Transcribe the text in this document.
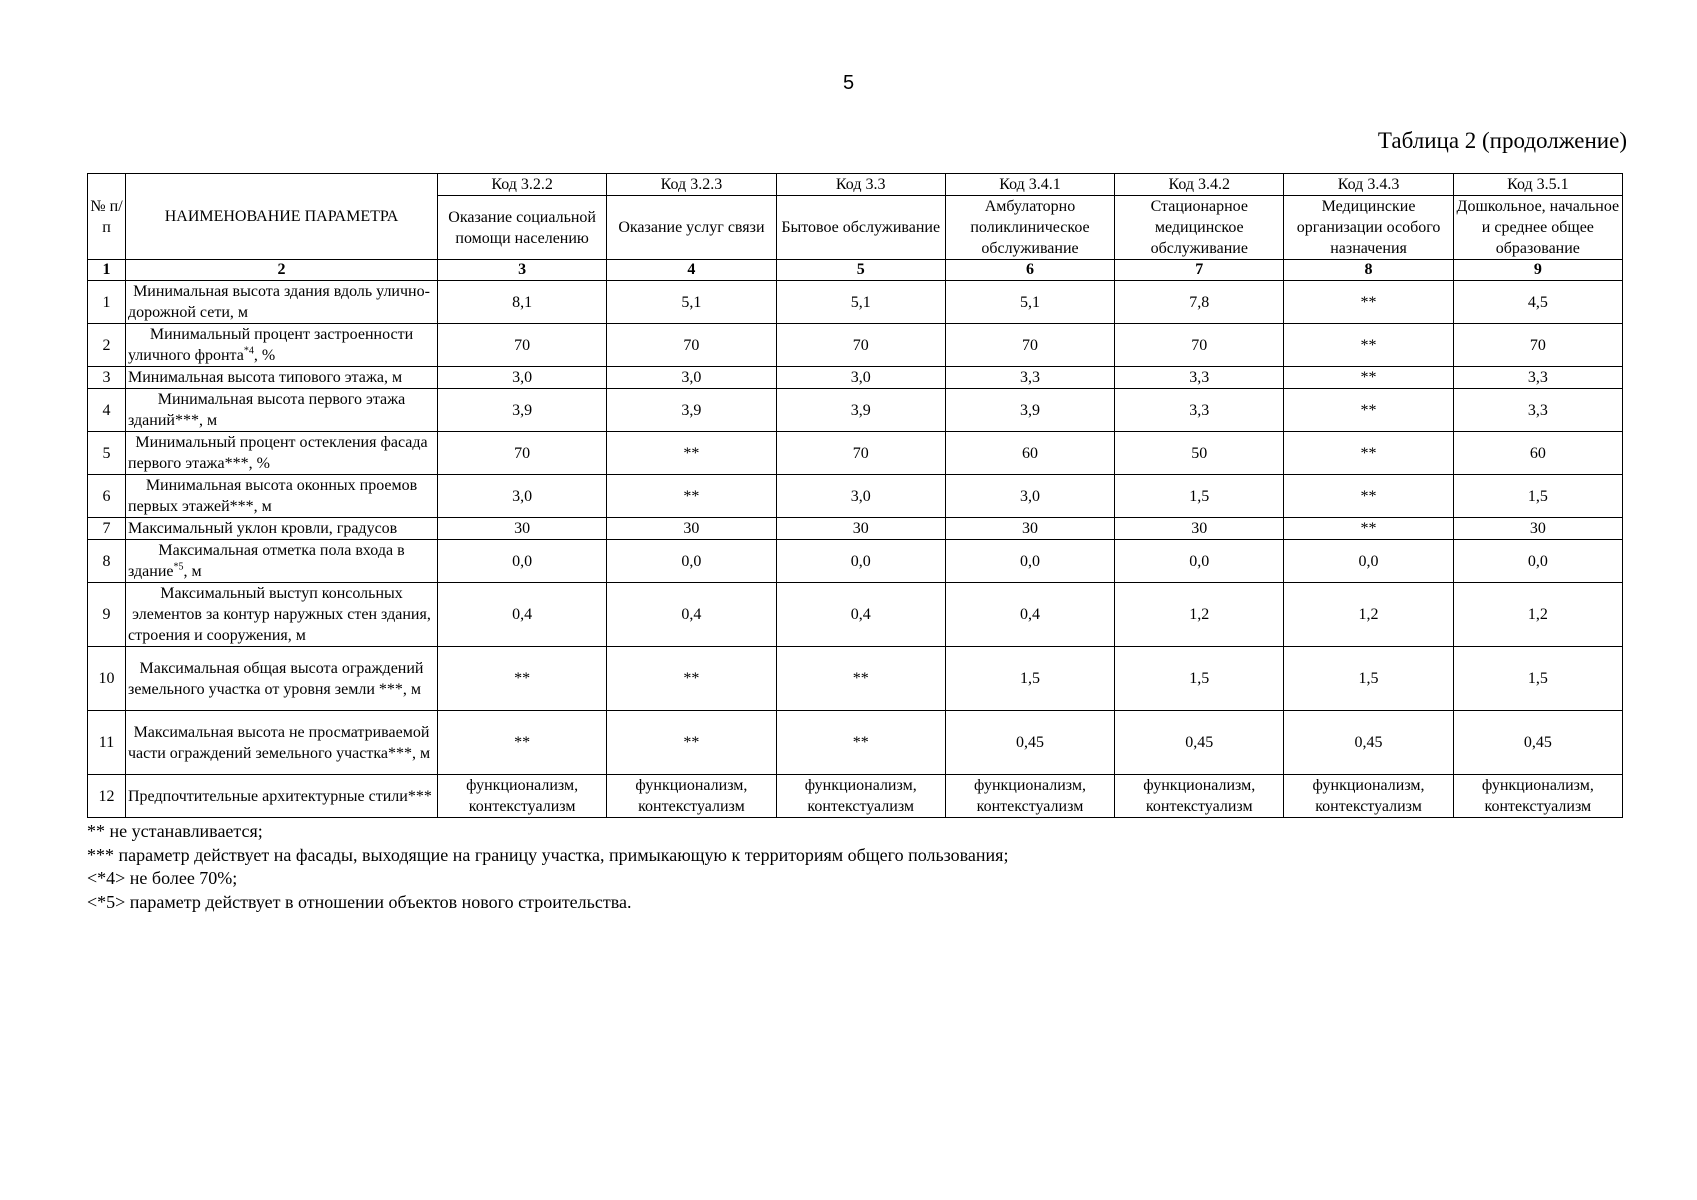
5
Таблица 2 (продолжение)
№ п/п	НАИМЕНОВАНИЕ ПАРАМЕТРА	Код 3.2.2	Код 3.2.3	Код 3.3	Код 3.4.1	Код 3.4.2	Код 3.4.3	Код 3.5.1
		Оказание социальной помощи населению	Оказание услуг связи	Бытовое обслуживание	Амбулаторно поликлиническое обслуживание	Стационарное медицинское обслуживание	Медицинские организации особого назначения	Дошкольное, начальное и среднее общее образование
1	2	3	4	5	6	7	8	9
1	Минимальная высота здания вдоль улично-дорожной сети, м	8,1	5,1	5,1	5,1	7,8	**	4,5
2	Минимальный процент застроенности уличного фронта$^{*4}$, %	70	70	70	70	70	**	70
3	Минимальная высота типового этажа, м	3,0	3,0	3,0	3,3	3,3	**	3,3
4	Минимальная высота первого этажа зданий***, м	3,9	3,9	3,9	3,9	3,3	**	3,3
5	Минимальный процент остекления фасада первого этажа***, %	70	**	70	60	50	**	60
6	Минимальная высота оконных проемов первых этажей***, м	3,0	**	3,0	3,0	1,5	**	1,5
7	Максимальный уклон кровли, градусов	30	30	30	30	30	**	30
8	Максимальная отметка пола входа в здание$^{*5}$, м	0,0	0,0	0,0	0,0	0,0	0,0	0,0
9	Максимальный выступ консольных элементов за контур наружных стен здания, строения и сооружения, м	0,4	0,4	0,4	0,4	1,2	1,2	1,2
10	Максимальная общая высота ограждений земельного участка от уровня земли ***, м	**	**	**	1,5	1,5	1,5	1,5
11	Максимальная высота не просматриваемой части ограждений земельного участка***, м	**	**	**	0,45	0,45	0,45	0,45
12	Предпочтительные архитектурные стили***	функционализм, контекстуализм	функционализм, контекстуализм	функционализм, контекстуализм	функционализм, контекстуализм	функционализм, контекстуализм	функционализм, контекстуализм	функционализм, контекстуализм
** не устанавливается;
*** параметр действует на фасады, выходящие на границу участка, примыкающую к территориям общего пользования;
<*4> не более 70%;
<*5> параметр действует в отношении объектов нового строительства.
